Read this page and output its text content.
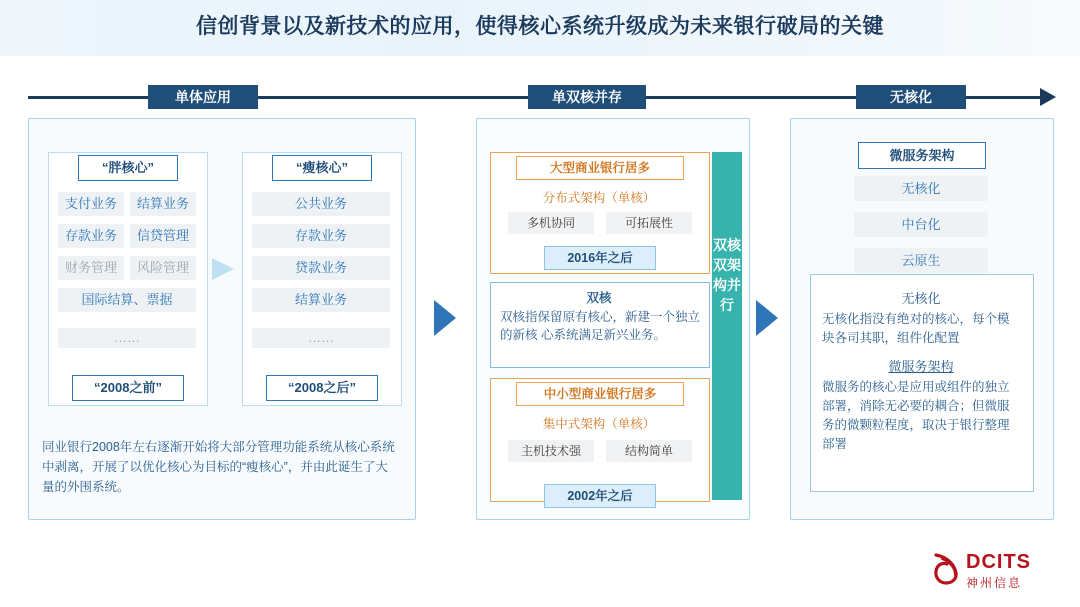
信创背景以及新技术的应用，使得核心系统升级成为未来银行破局的关键
单体应用	单双核并存	无核化
“胖核心”	“瘦核心”
支付业务	结算业务
存款业务	信贷管理
财务管理	风险管理
国际结算、票据
……
公共业务
存款业务
贷款业务
结算业务
……
“2008之前”	“2008之后”
同业银行2008年左右逐渐开始将大部分管理功能系统从核心系统中剥离，开展了以优化核心为目标的“瘦核心”，并由此诞生了大量的外围系统。
大型商业银行居多
分布式架构（单核）
多机协同	可拓展性
2016年之后
双核
双核指保留原有核心，新建一个独立的新核 心系统满足新兴业务。
中小型商业银行居多
集中式架构（单核）
主机技术强	结构简单
2002年之后
双核双架构并行
微服务架构
无核化
中台化
云原生
无核化
无核化指没有绝对的核心，每个模块各司其职，组件化配置
微服务架构
微服务的核心是应用或组件的独立部署，消除无必要的耦合；但微服务的微颗粒程度，取决于银行整理部署
DCITS
神州信息
